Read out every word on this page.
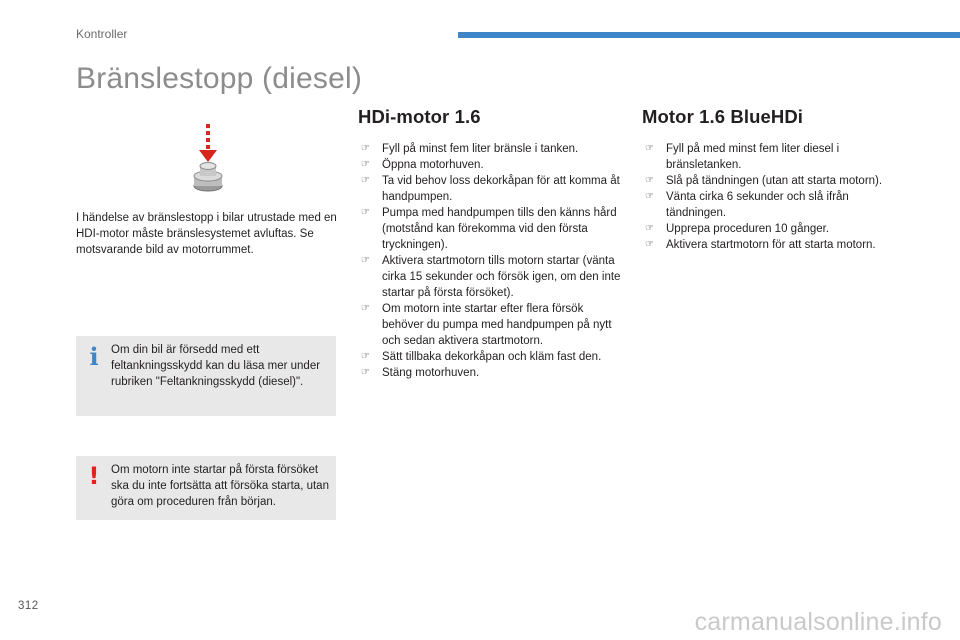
Kontroller
Bränslestopp (diesel)

I händelse av bränslestopp i bilar utrustade med en HDI-motor måste bränslesystemet avluftas. Se motsvarande bild av motorrummet.

i Om din bil är försedd med ett feltankningsskydd kan du läsa mer under rubriken "Feltankningsskydd (diesel)".

! Om motorn inte startar på första försöket ska du inte fortsätta att försöka starta, utan göra om proceduren från början.

HDi-motor 1.6
☞ Fyll på minst fem liter bränsle i tanken.
☞ Öppna motorhuven.
☞ Ta vid behov loss dekorkåpan för att komma åt handpumpen.
☞ Pumpa med handpumpen tills den känns hård (motstånd kan förekomma vid den första tryckningen).
☞ Aktivera startmotorn tills motorn startar (vänta cirka 15 sekunder och försök igen, om den inte startar på första försöket).
☞ Om motorn inte startar efter flera försök behöver du pumpa med handpumpen på nytt och sedan aktivera startmotorn.
☞ Sätt tillbaka dekorkåpan och kläm fast den.
☞ Stäng motorhuven.
Motor 1.6 BlueHDi
☞ Fyll på med minst fem liter diesel i bränsletanken.
☞ Slå på tändningen (utan att starta motorn).
☞ Vänta cirka 6 sekunder och slå ifrån tändningen.
☞ Upprepa proceduren 10 gånger.
☞ Aktivera startmotorn för att starta motorn.
312
carmanualsonline.info
